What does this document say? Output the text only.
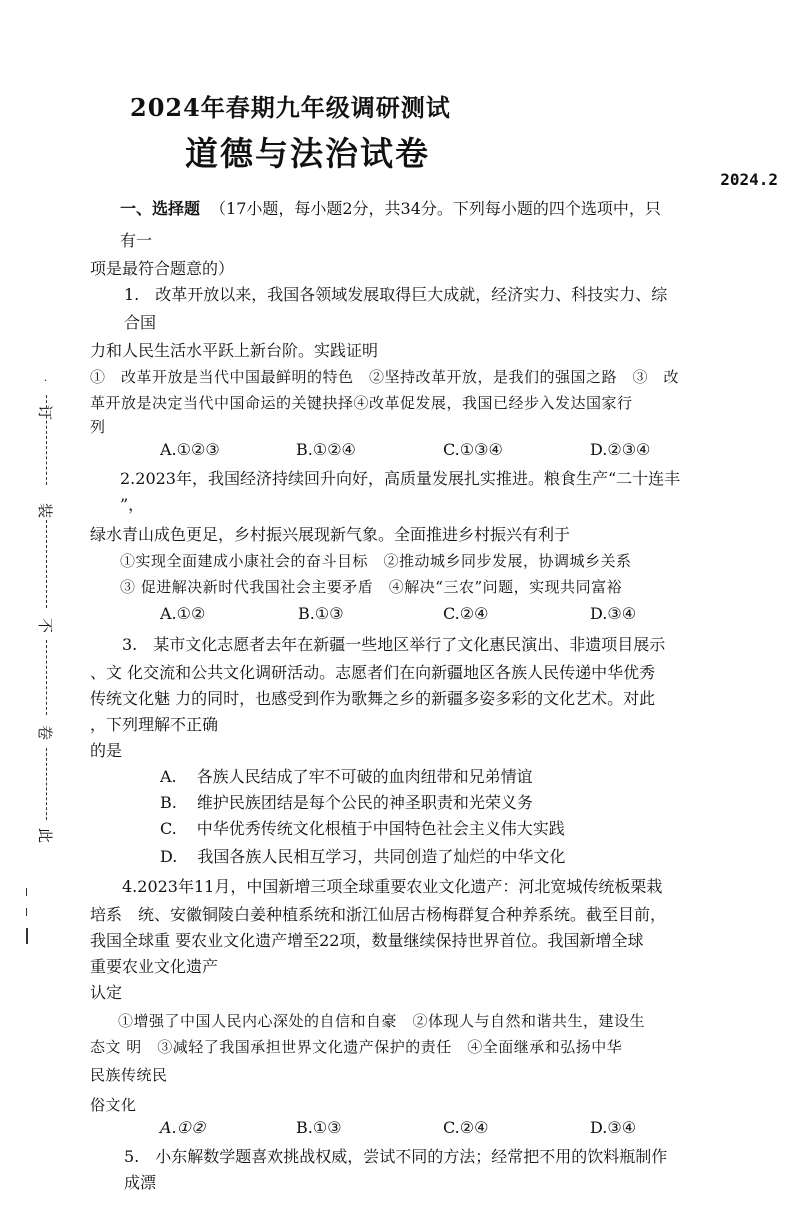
2024年春期九年级调研测试
道德与法治试卷
2024.2
一、选择题 （17小题，每小题2分，共34分。下列每小题的四个选项中，只
有一
项是最符合题意的）
1.　改革开放以来，我国各领域发展取得巨大成就，经济实力、科技实力、综
合国
力和人民生活水平跃上新台阶。实践证明
①　改革开放是当代中国最鲜明的特色　②坚持改革开放，是我们的强国之路　③　改
革开放是决定当代中国命运的关键抉择④改革促发展，我国已经步入发达国家行
列
A.①②③	B.①②④	C.①③④	D.②③④
2.2023年，我国经济持续回升向好，高质量发展扎实推进。粮食生产“二十连丰
”，
绿水青山成色更足，乡村振兴展现新气象。全面推进乡村振兴有利于
①实现全面建成小康社会的奋斗目标　②推动城乡同步发展，协调城乡关系
③ 促进解决新时代我国社会主要矛盾　④解决“三农”问题，实现共同富裕
A.①②	B.①③	C.②④	D.③④
3.　某市文化志愿者去年在新疆一些地区举行了文化惠民演出、非遗项目展示
、文 化交流和公共文化调研活动。志愿者们在向新疆地区各族人民传递中华优秀
传统文化魅 力的同时，也感受到作为歌舞之乡的新疆多姿多彩的文化艺术。对此
，下列理解不正确
的是
A. 各族人民结成了牢不可破的血肉纽带和兄弟情谊
B. 维护民族团结是每个公民的神圣职责和光荣义务
C. 中华优秀传统文化根植于中国特色社会主义伟大实践
D. 我国各族人民相互学习，共同创造了灿烂的中华文化
4.2023年11月，中国新增三项全球重要农业文化遗产：河北宽城传统板栗栽
培系　统、安徽铜陵白姜种植系统和浙江仙居古杨梅群复合种养系统。截至目前，
我国全球重 要农业文化遗产增至22项，数量继续保持世界首位。我国新增全球
重要农业文化遗产
认定
①增强了中国人民内心深处的自信和自豪　②体现人与自然和谐共生，建设生
态文 明　③减轻了我国承担世界文化遗产保护的责任　④全面继承和弘扬中华
民族传统民
俗文化
A.①②	B.①③	C.②④	D.③④
5.　小东解数学题喜欢挑战权威，尝试不同的方法；经常把不用的饮料瓶制作
成漂
·
订
装
不
卷
此
